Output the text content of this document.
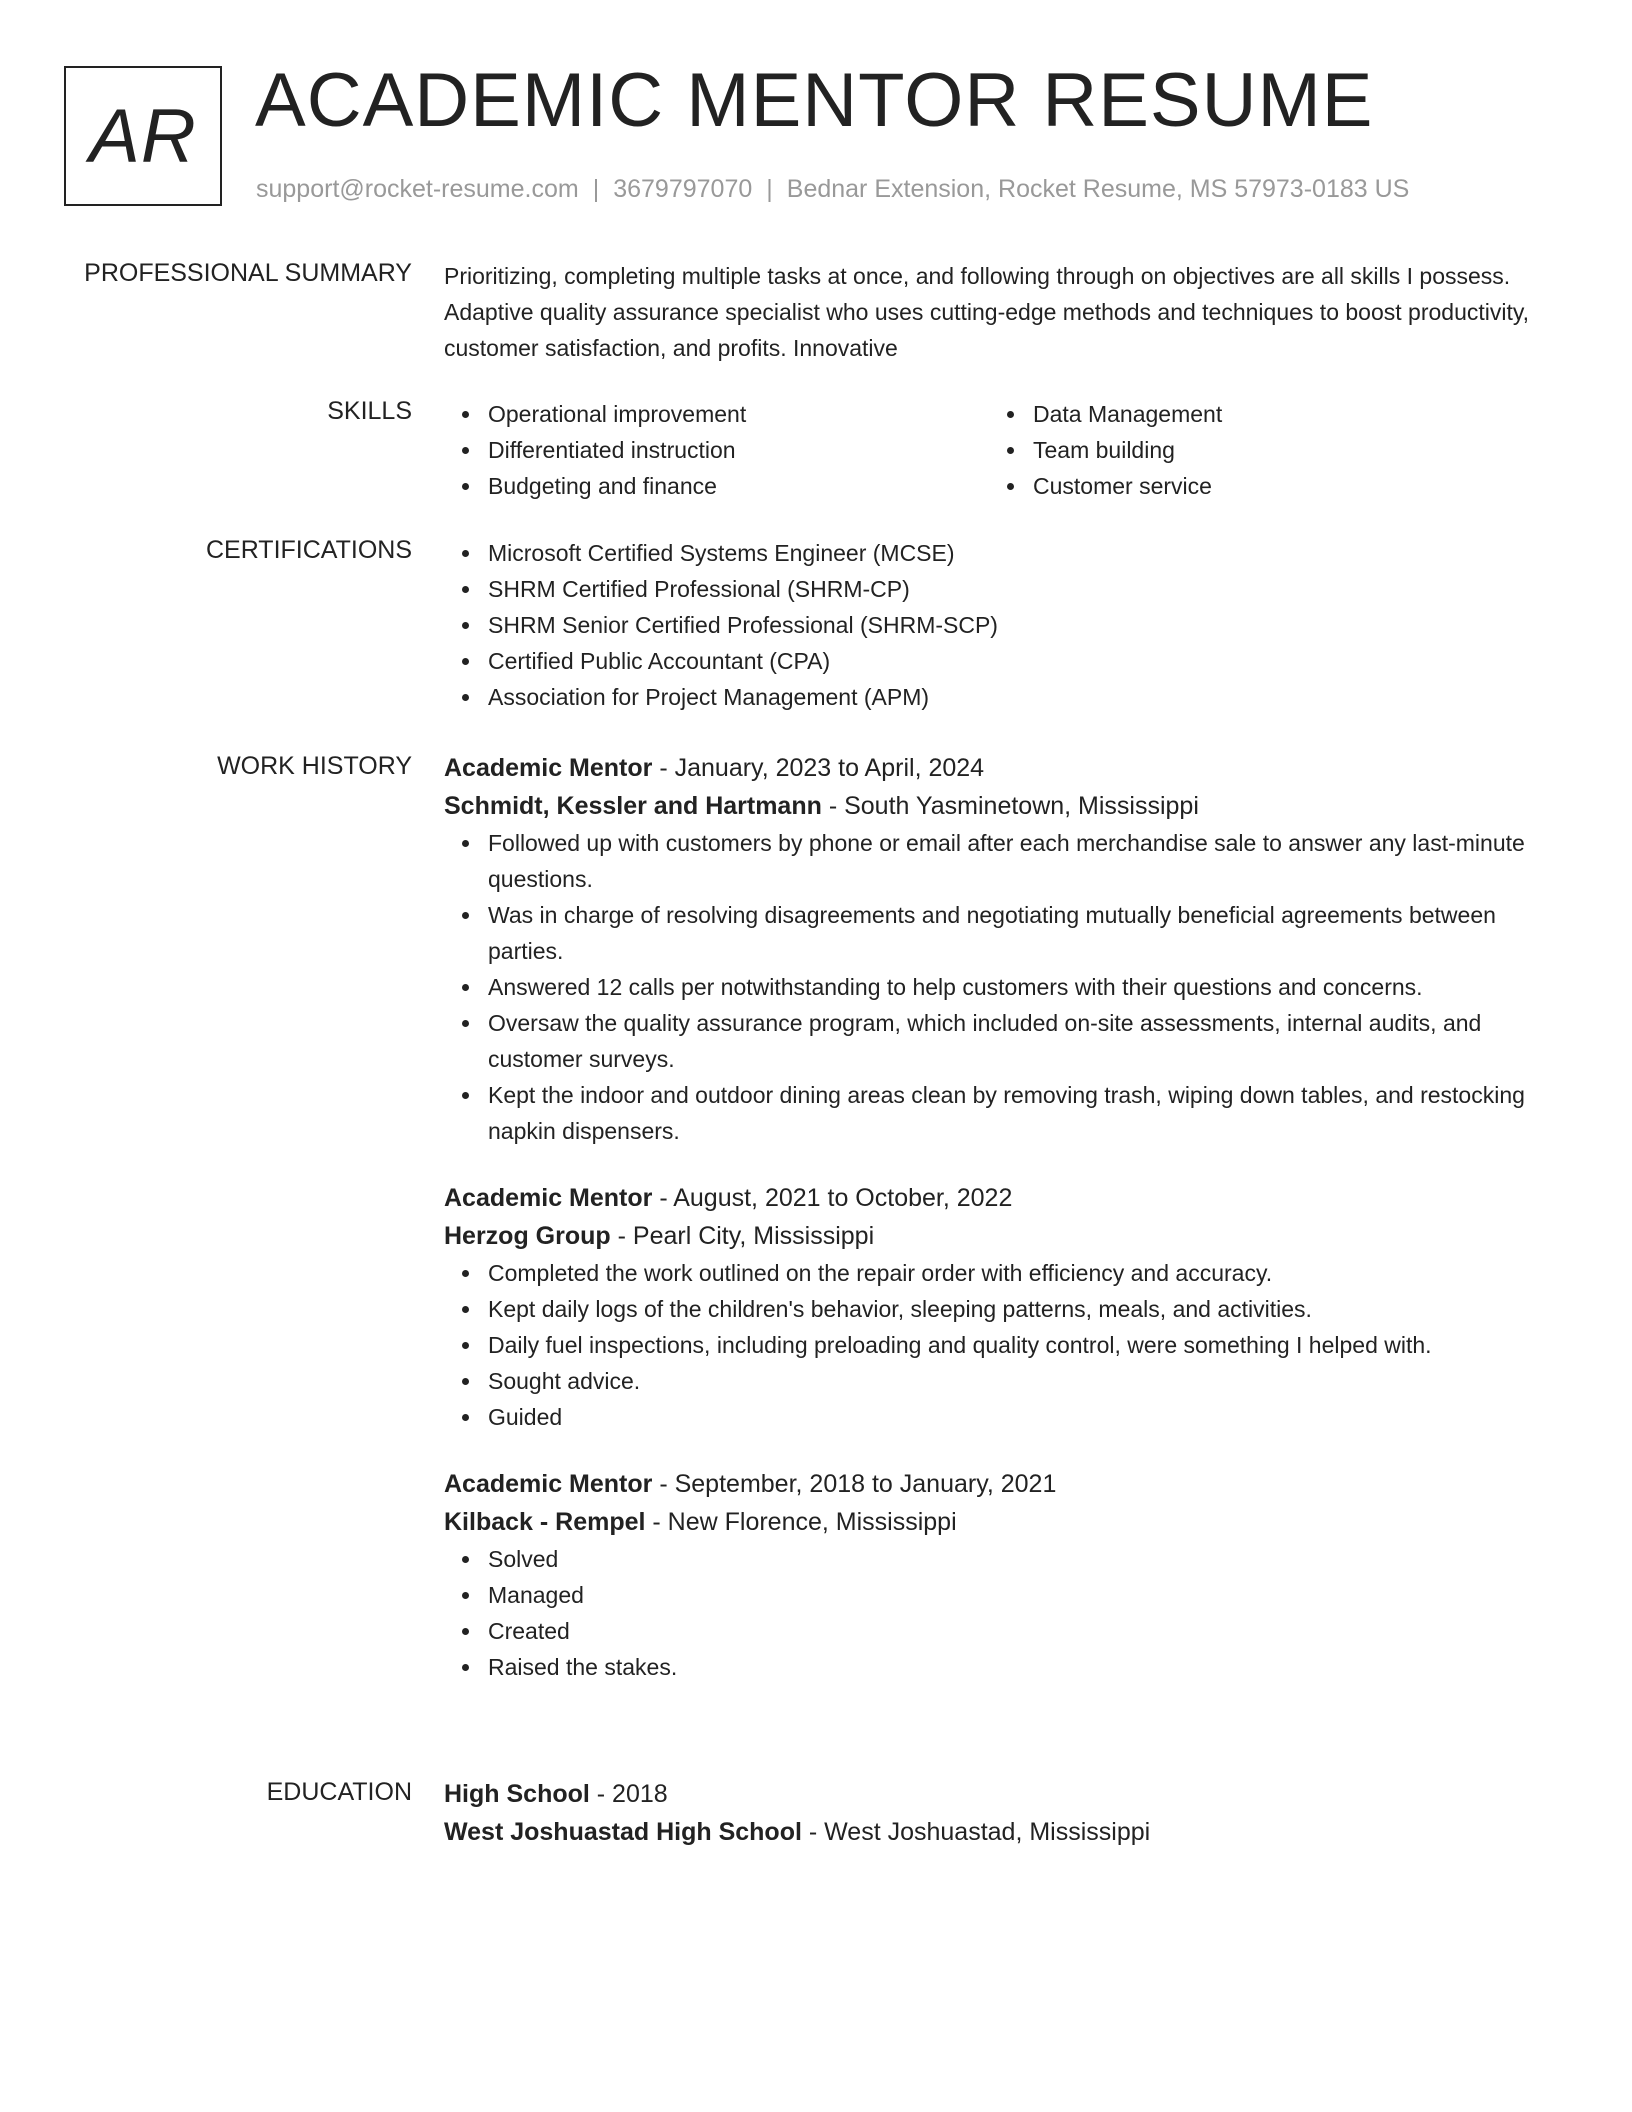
AR ACADEMIC MENTOR RESUME
support@rocket-resume.com | 3679797070 | Bednar Extension, Rocket Resume, MS 57973-0183 US
PROFESSIONAL SUMMARY Prioritizing, completing multiple tasks at once, and following through on objectives are all skills I possess. Adaptive quality assurance specialist who uses cutting-edge methods and techniques to boost productivity, customer satisfaction, and profits. Innovative
SKILLS	Operational improvement
Differentiated instruction
Budgeting and finance
Data Management
Team building
Customer service
CERTIFICATIONS	Microsoft Certified Systems Engineer (MCSE)
SHRM Certified Professional (SHRM-CP)
SHRM Senior Certified Professional (SHRM-SCP)
Certified Public Accountant (CPA)
Association for Project Management (APM)
WORK HISTORY Academic Mentor - January, 2023 to April, 2024
Schmidt, Kessler and Hartmann - South Yasminetown, Mississippi
Followed up with customers by phone or email after each merchandise sale to answer any last-minute questions.
Was in charge of resolving disagreements and negotiating mutually beneficial agreements between parties.
Answered 12 calls per notwithstanding to help customers with their questions and concerns.
Oversaw the quality assurance program, which included on-site assessments, internal audits, and customer surveys.
Kept the indoor and outdoor dining areas clean by removing trash, wiping down tables, and restocking napkin dispensers.
Academic Mentor - August, 2021 to October, 2022
Herzog Group - Pearl City, Mississippi
Completed the work outlined on the repair order with efficiency and accuracy.
Kept daily logs of the children's behavior, sleeping patterns, meals, and activities.
Daily fuel inspections, including preloading and quality control, were something I helped with.
Sought advice.
Guided
Academic Mentor - September, 2018 to January, 2021
Kilback - Rempel - New Florence, Mississippi
Solved
Managed
Created
Raised the stakes.
EDUCATION High School - 2018
West Joshuastad High School - West Joshuastad, Mississippi
